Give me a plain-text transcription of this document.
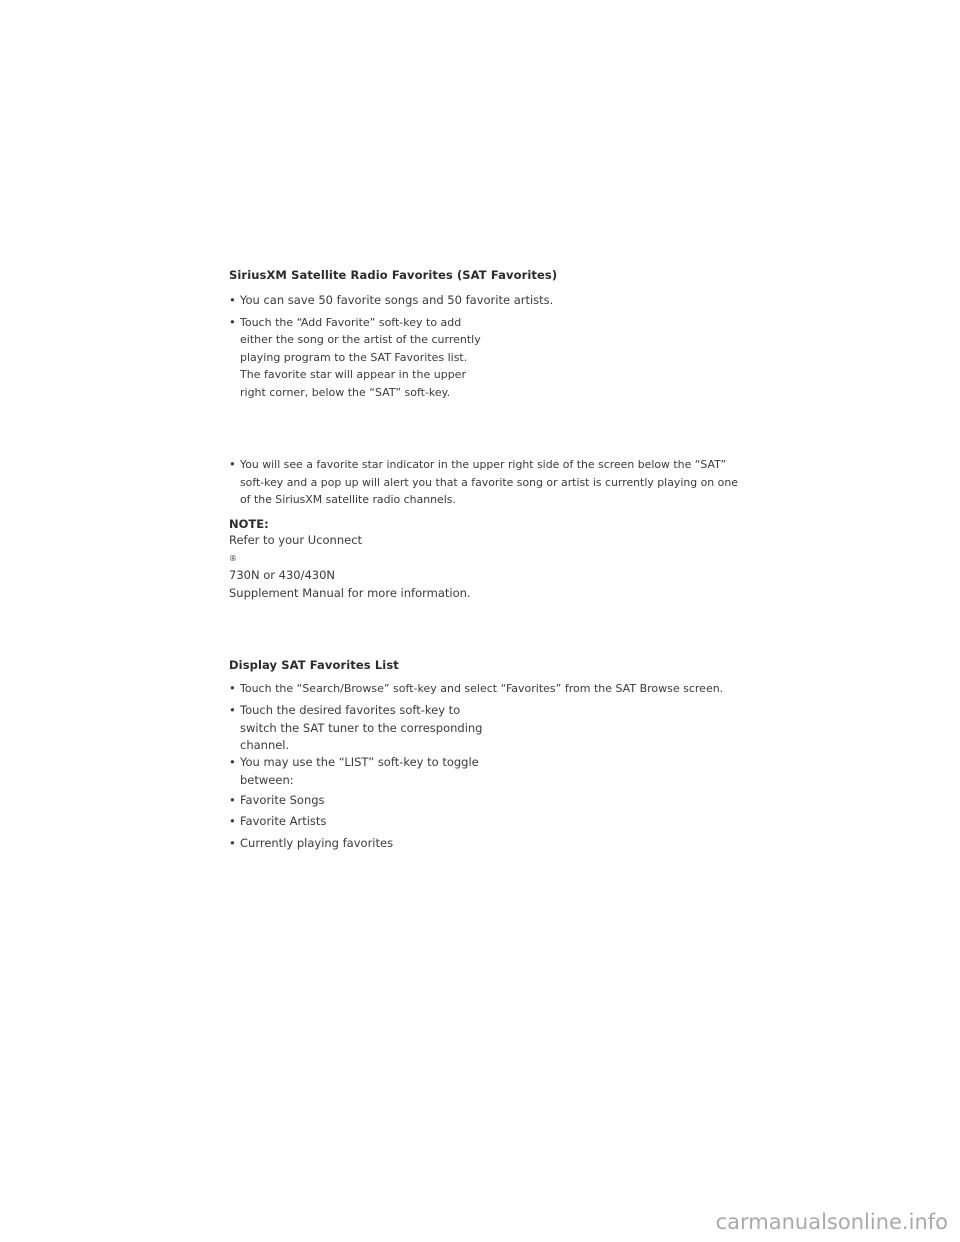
SiriusXM Satellite Radio Favorites (SAT Favorites)
• You can save 50 favorite songs and 50 favorite artists.
• Touch the “Add Favorite” soft-key to add
either the song or the artist of the currently
playing program to the SAT Favorites list.
The favorite star will appear in the upper
right corner, below the “SAT” soft-key.
• You will see a favorite star indicator in the upper right side of the screen below the “SAT”
soft-key and a pop up will alert you that a favorite song or artist is currently playing on one
of the SiriusXM satellite radio channels.
NOTE:
Refer to your Uconnect
®
730N or 430/430N
Supplement Manual for more information.
Display SAT Favorites List
• Touch the “Search/Browse” soft-key and select “Favorites” from the SAT Browse screen.
• Touch the desired favorites soft-key to
switch the SAT tuner to the corresponding
channel.
• You may use the “LIST” soft-key to toggle
between:
• Favorite Songs
• Favorite Artists
• Currently playing favorites
carmanualsonline.info
